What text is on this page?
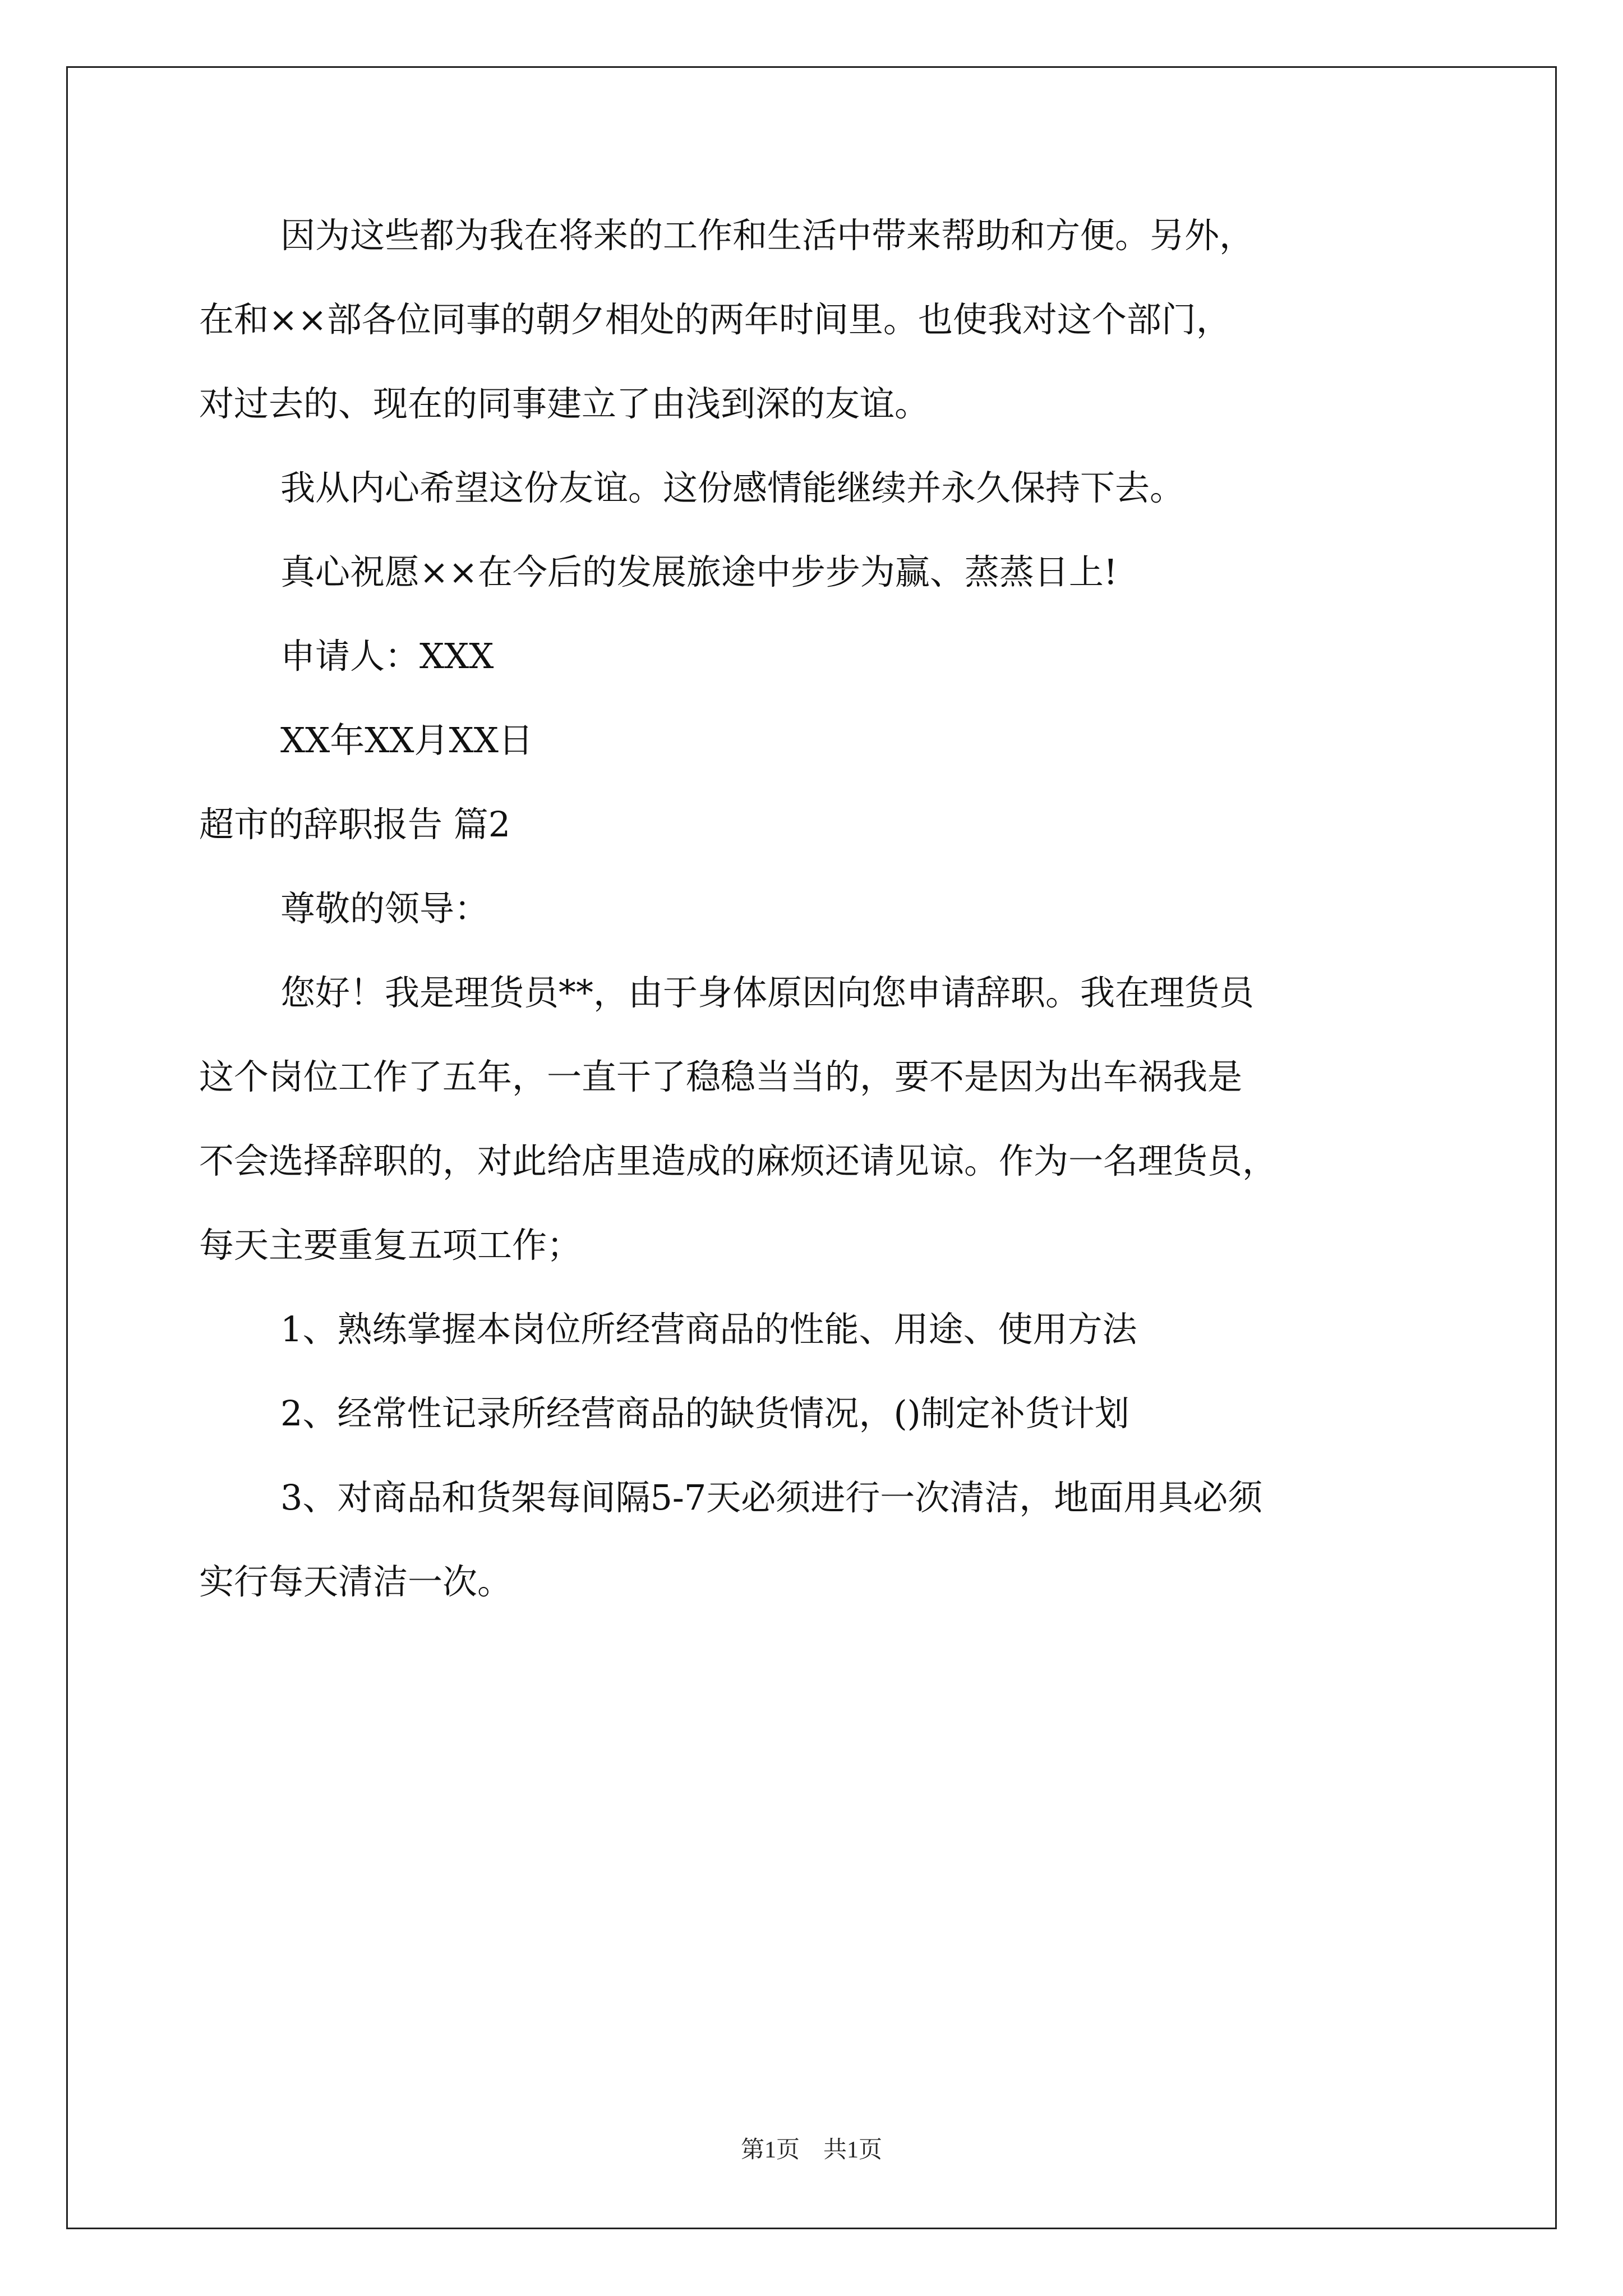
因为这些都为我在将来的工作和生活中带来帮助和方便。另外，
在和××部各位同事的朝夕相处的两年时间里。也使我对这个部门，
对过去的、现在的同事建立了由浅到深的友谊。
我从内心希望这份友谊。这份感情能继续并永久保持下去。
真心祝愿××在今后的发展旅途中步步为赢、蒸蒸日上!
申请人：XXX
XX年XX月XX日
超市的辞职报告 篇2
尊敬的领导：
您好！我是理货员**，由于身体原因向您申请辞职。我在理货员
这个岗位工作了五年，一直干了稳稳当当的，要不是因为出车祸我是
不会选择辞职的，对此给店里造成的麻烦还请见谅。作为一名理货员，
每天主要重复五项工作；
1、熟练掌握本岗位所经营商品的性能、用途、使用方法
2、经常性记录所经营商品的缺货情况，()制定补货计划
3、对商品和货架每间隔5-7天必须进行一次清洁，地面用具必须
实行每天清洁一次。
第1页　共1页
